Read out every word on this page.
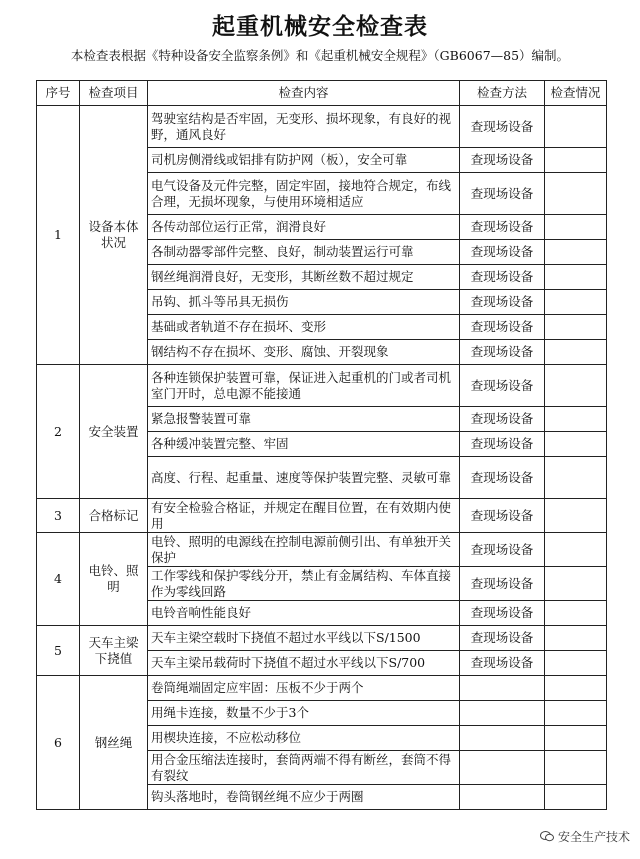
起重机械安全检查表
本检查表根据《特种设备安全监察条例》和《起重机械安全规程》（GB6067—85）编制。
序号	检查项目	检查内容	检查方法	检查情况
1	设备本体状况	驾驶室结构是否牢固，无变形、损坏现象，有良好的视野，通风良好	查现场设备	
		司机房侧滑线或铝排有防护网（板），安全可靠	查现场设备	
		电气设备及元件完整，固定牢固，接地符合规定，布线合理，无损坏现象，与使用环境相适应	查现场设备	
		各传动部位运行正常，润滑良好	查现场设备	
		各制动器零部件完整、良好，制动装置运行可靠	查现场设备	
		钢丝绳润滑良好，无变形，其断丝数不超过规定	查现场设备	
		吊钩、抓斗等吊具无损伤	查现场设备	
		基础或者轨道不存在损坏、变形	查现场设备	
		钢结构不存在损坏、变形、腐蚀、开裂现象	查现场设备	
2	安全装置	各种连锁保护装置可靠，保证进入起重机的门或者司机室门开时，总电源不能接通	查现场设备	
		紧急报警装置可靠	查现场设备	
		各种缓冲装置完整、牢固	查现场设备	
		高度、行程、起重量、速度等保护装置完整、灵敏可靠	查现场设备	
3	合格标记	有安全检验合格证，并规定在醒目位置，在有效期内使用	查现场设备	
4	电铃、照明	电铃、照明的电源线在控制电源前侧引出、有单独开关保护	查现场设备	
		工作零线和保护零线分开，禁止有金属结构、车体直接作为零线回路	查现场设备	
		电铃音响性能良好	查现场设备	
5	天车主梁下挠值	天车主梁空载时下挠值不超过水平线以下S/1500	查现场设备	
		天车主梁吊载荷时下挠值不超过水平线以下S/700	查现场设备	
6	钢丝绳	卷筒绳端固定应牢固：压板不少于两个		
		用绳卡连接，数量不少于3个		
		用楔块连接，不应松动移位		
		用合金压缩法连接时，套筒两端不得有断丝，套筒不得有裂纹		
		钩头落地时，卷筒钢丝绳不应少于两圈		
安全生产技术
